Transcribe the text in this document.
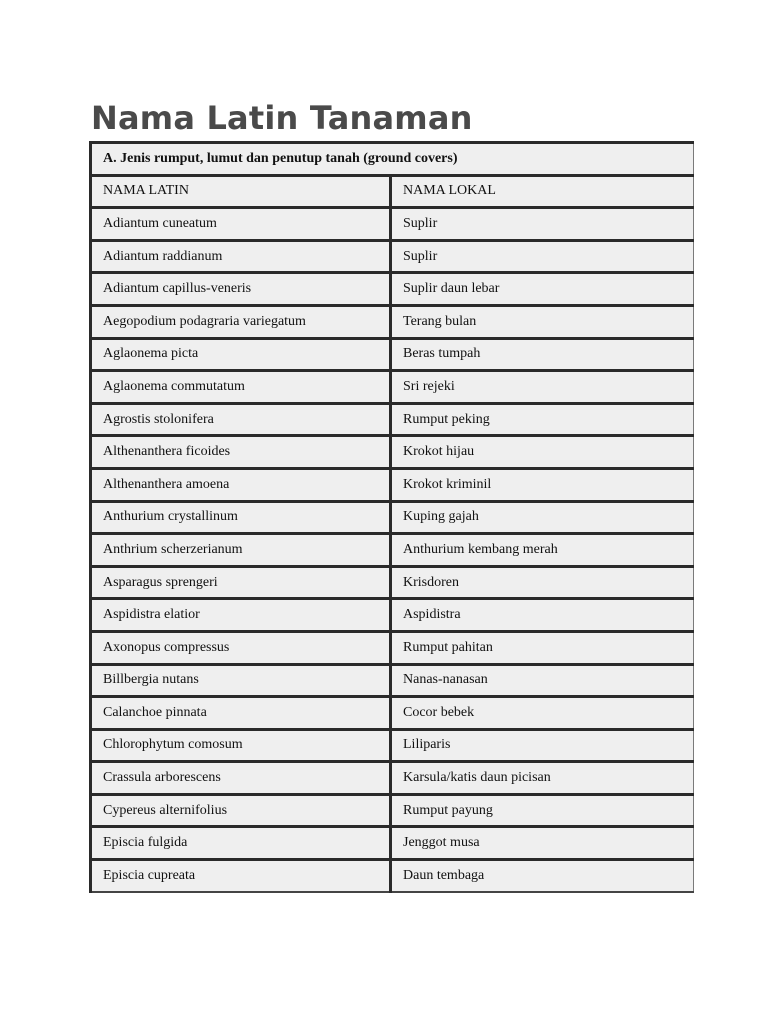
Nama Latin Tanaman
A. Jenis rumput, lumut dan penutup tanah (ground covers)	
NAMA LATIN	NAMA LOKAL
Adiantum cuneatum	Suplir
Adiantum raddianum	Suplir
Adiantum capillus-veneris	Suplir daun lebar
Aegopodium podagraria variegatum	Terang bulan
Aglaonema picta	Beras tumpah
Aglaonema commutatum	Sri rejeki
Agrostis stolonifera	Rumput peking
Althenanthera ficoides	Krokot hijau
Althenanthera amoena	Krokot kriminil
Anthurium crystallinum	Kuping gajah
Anthrium scherzerianum	Anthurium kembang merah
Asparagus sprengeri	Krisdoren
Aspidistra elatior	Aspidistra
Axonopus compressus	Rumput pahitan
Billbergia nutans	Nanas-nanasan
Calanchoe pinnata	Cocor bebek
Chlorophytum comosum	Liliparis
Crassula arborescens	Karsula/katis daun picisan
Cypereus alternifolius	Rumput payung
Episcia fulgida	Jenggot musa
Episcia cupreata	Daun tembaga
